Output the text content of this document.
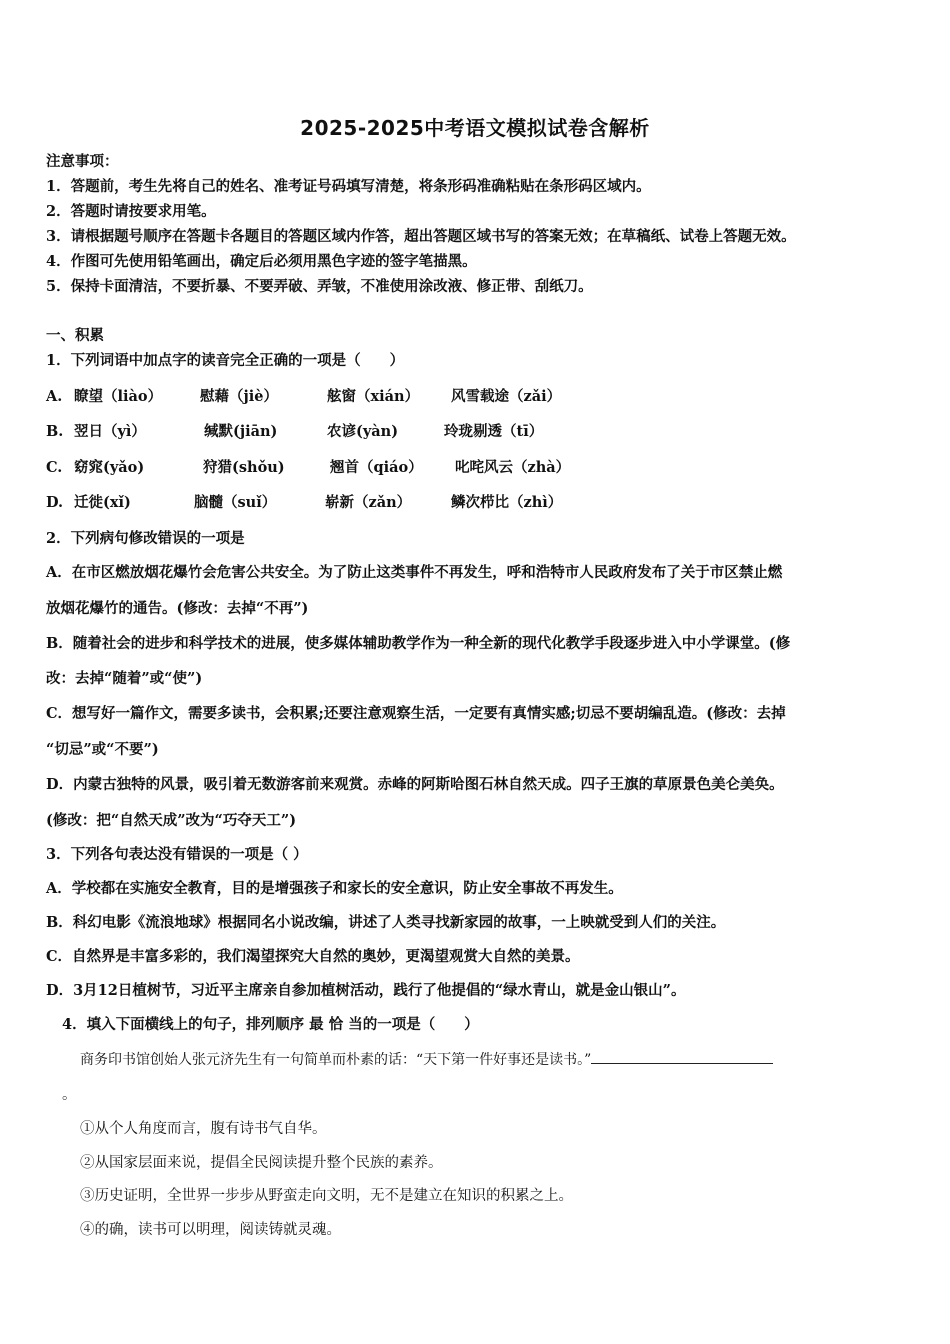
2025-2025中考语文模拟试卷含解析
注意事项：
1．答题前，考生先将自己的姓名、准考证号码填写清楚，将条形码准确粘贴在条形码区域内。
2．答题时请按要求用笔。
3．请根据题号顺序在答题卡各题目的答题区域内作答，超出答题区域书写的答案无效；在草稿纸、试卷上答题无效。
4．作图可先使用铅笔画出，确定后必须用黑色字迹的签字笔描黑。
5．保持卡面清洁，不要折暴、不要弄破、弄皱，不准使用涂改液、修正带、刮纸刀。
一、积累
1．下列词语中加点字的读音完全正确的一项是（　　）
A. 瞭望（liào）	慰藉（jiè）	舷窗（xián） 风雪载途（zǎi）
B. 翌日（yì）	缄默(jiān)	农谚(yàn)	玲珑剔透（tī）
C. 窈窕(yǎo)	狩猎(shǒu)	翘首（qiáo） 叱咤风云（zhà）
D. 迁徙(xǐ)	脑髓（suǐ）	崭新（zǎn）	鳞次栉比（zhì）
2．下列病句修改错误的一项是
A．在市区燃放烟花爆竹会危害公共安全。为了防止这类事件不再发生，呼和浩特市人民政府发布了关于市区禁止燃
放烟花爆竹的通告。(修改：去掉“不再”)
B．随着社会的进步和科学技术的进展，使多媒体辅助教学作为一种全新的现代化教学手段逐步进入中小学课堂。(修
改：去掉“随着”或“使”)
C．想写好一篇作文，需要多读书，会积累;还要注意观察生活，一定要有真情实感;切忌不要胡编乱造。(修改：去掉
“切忌”或“不要”)
D．内蒙古独特的风景，吸引着无数游客前来观赏。赤峰的阿斯哈图石林自然天成。四子王旗的草原景色美仑美奂。
(修改：把“自然天成”改为“巧夺天工”)
3．下列各句表达没有错误的一项是（ ）
A．学校都在实施安全教育，目的是增强孩子和家长的安全意识，防止安全事故不再发生。
B．科幻电影《流浪地球》根据同名小说改编，讲述了人类寻找新家园的故事，一上映就受到人们的关注。
C．自然界是丰富多彩的，我们渴望探究大自然的奥妙，更渴望观赏大自然的美景。
D．3月12日植树节，习近平主席亲自参加植树活动，践行了他提倡的“绿水青山，就是金山银山”。
4．填入下面横线上的句子，排列顺序 最 恰 当的一项是（　　）
商务印书馆创始人张元济先生有一句简单而朴素的话：“天下第一件好事还是读书。”
。
①从个人角度而言，腹有诗书气自华。
②从国家层面来说，提倡全民阅读提升整个民族的素养。
③历史证明，全世界一步步从野蛮走向文明，无不是建立在知识的积累之上。
④的确，读书可以明理，阅读铸就灵魂。
